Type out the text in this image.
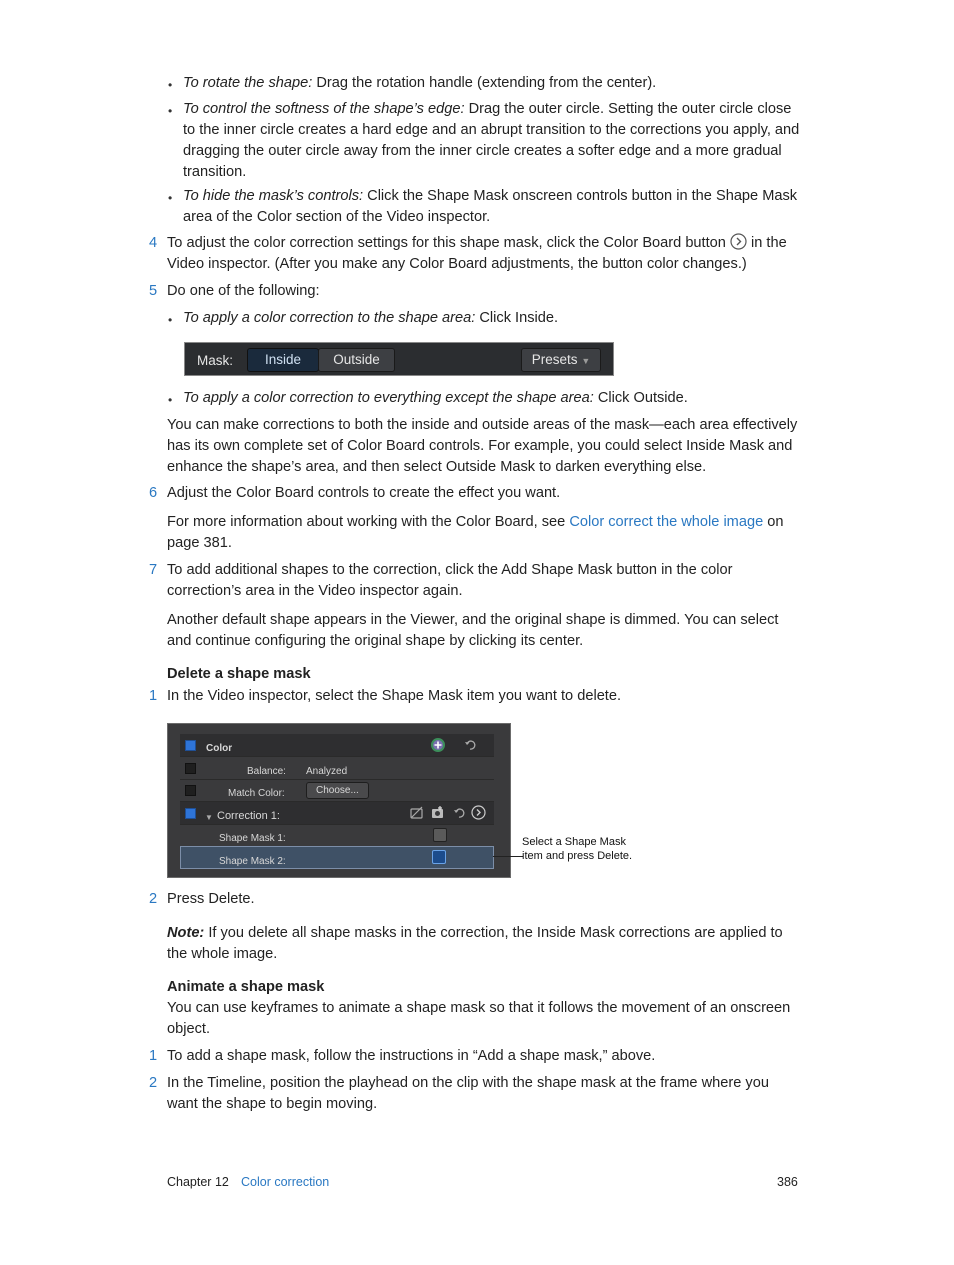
• To rotate the shape: Drag the rotation handle (extending from the center).
• To control the softness of the shape’s edge: Drag the outer circle. Setting the outer circle close to the inner circle creates a hard edge and an abrupt transition to the corrections you apply, and dragging the outer circle away from the inner circle creates a softer edge and a more gradual transition.
• To hide the mask’s controls: Click the Shape Mask onscreen controls button in the Shape Mask area of the Color section of the Video inspector.
4 To adjust the color correction settings for this shape mask, click the Color Board button  in the Video inspector. (After you make any Color Board adjustments, the button color changes.)
5 Do one of the following:
• To apply a color correction to the shape area: Click Inside.
Mask:	Inside	Outside	Presets ▼
• To apply a color correction to everything except the shape area: Click Outside.
You can make corrections to both the inside and outside areas of the mask—each area effectively has its own complete set of Color Board controls. For example, you could select Inside Mask and enhance the shape’s area, and then select Outside Mask to darken everything else.
6 Adjust the Color Board controls to create the effect you want.
For more information about working with the Color Board, see Color correct the whole image on page 381.
7 To add additional shapes to the correction, click the Add Shape Mask button in the color correction’s area in the Video inspector again.
Another default shape appears in the Viewer, and the original shape is dimmed. You can select and continue configuring the original shape by clicking its center.
Delete a shape mask
1 In the Video inspector, select the Shape Mask item you want to delete.
Color
Balance: Analyzed
Match Color:	Choose...
▼ Correction 1:
Shape Mask 1:
Shape Mask 2:
Select a Shape Mask
item and press Delete.
2 Press Delete.
Note: If you delete all shape masks in the correction, the Inside Mask corrections are applied to the whole image.
Animate a shape mask
You can use keyframes to animate a shape mask so that it follows the movement of an onscreen object.
1 To add a shape mask, follow the instructions in “Add a shape mask,” above.
2 In the Timeline, position the playhead on the clip with the shape mask at the frame where you want the shape to begin moving.
Chapter 12 Color correction	386
